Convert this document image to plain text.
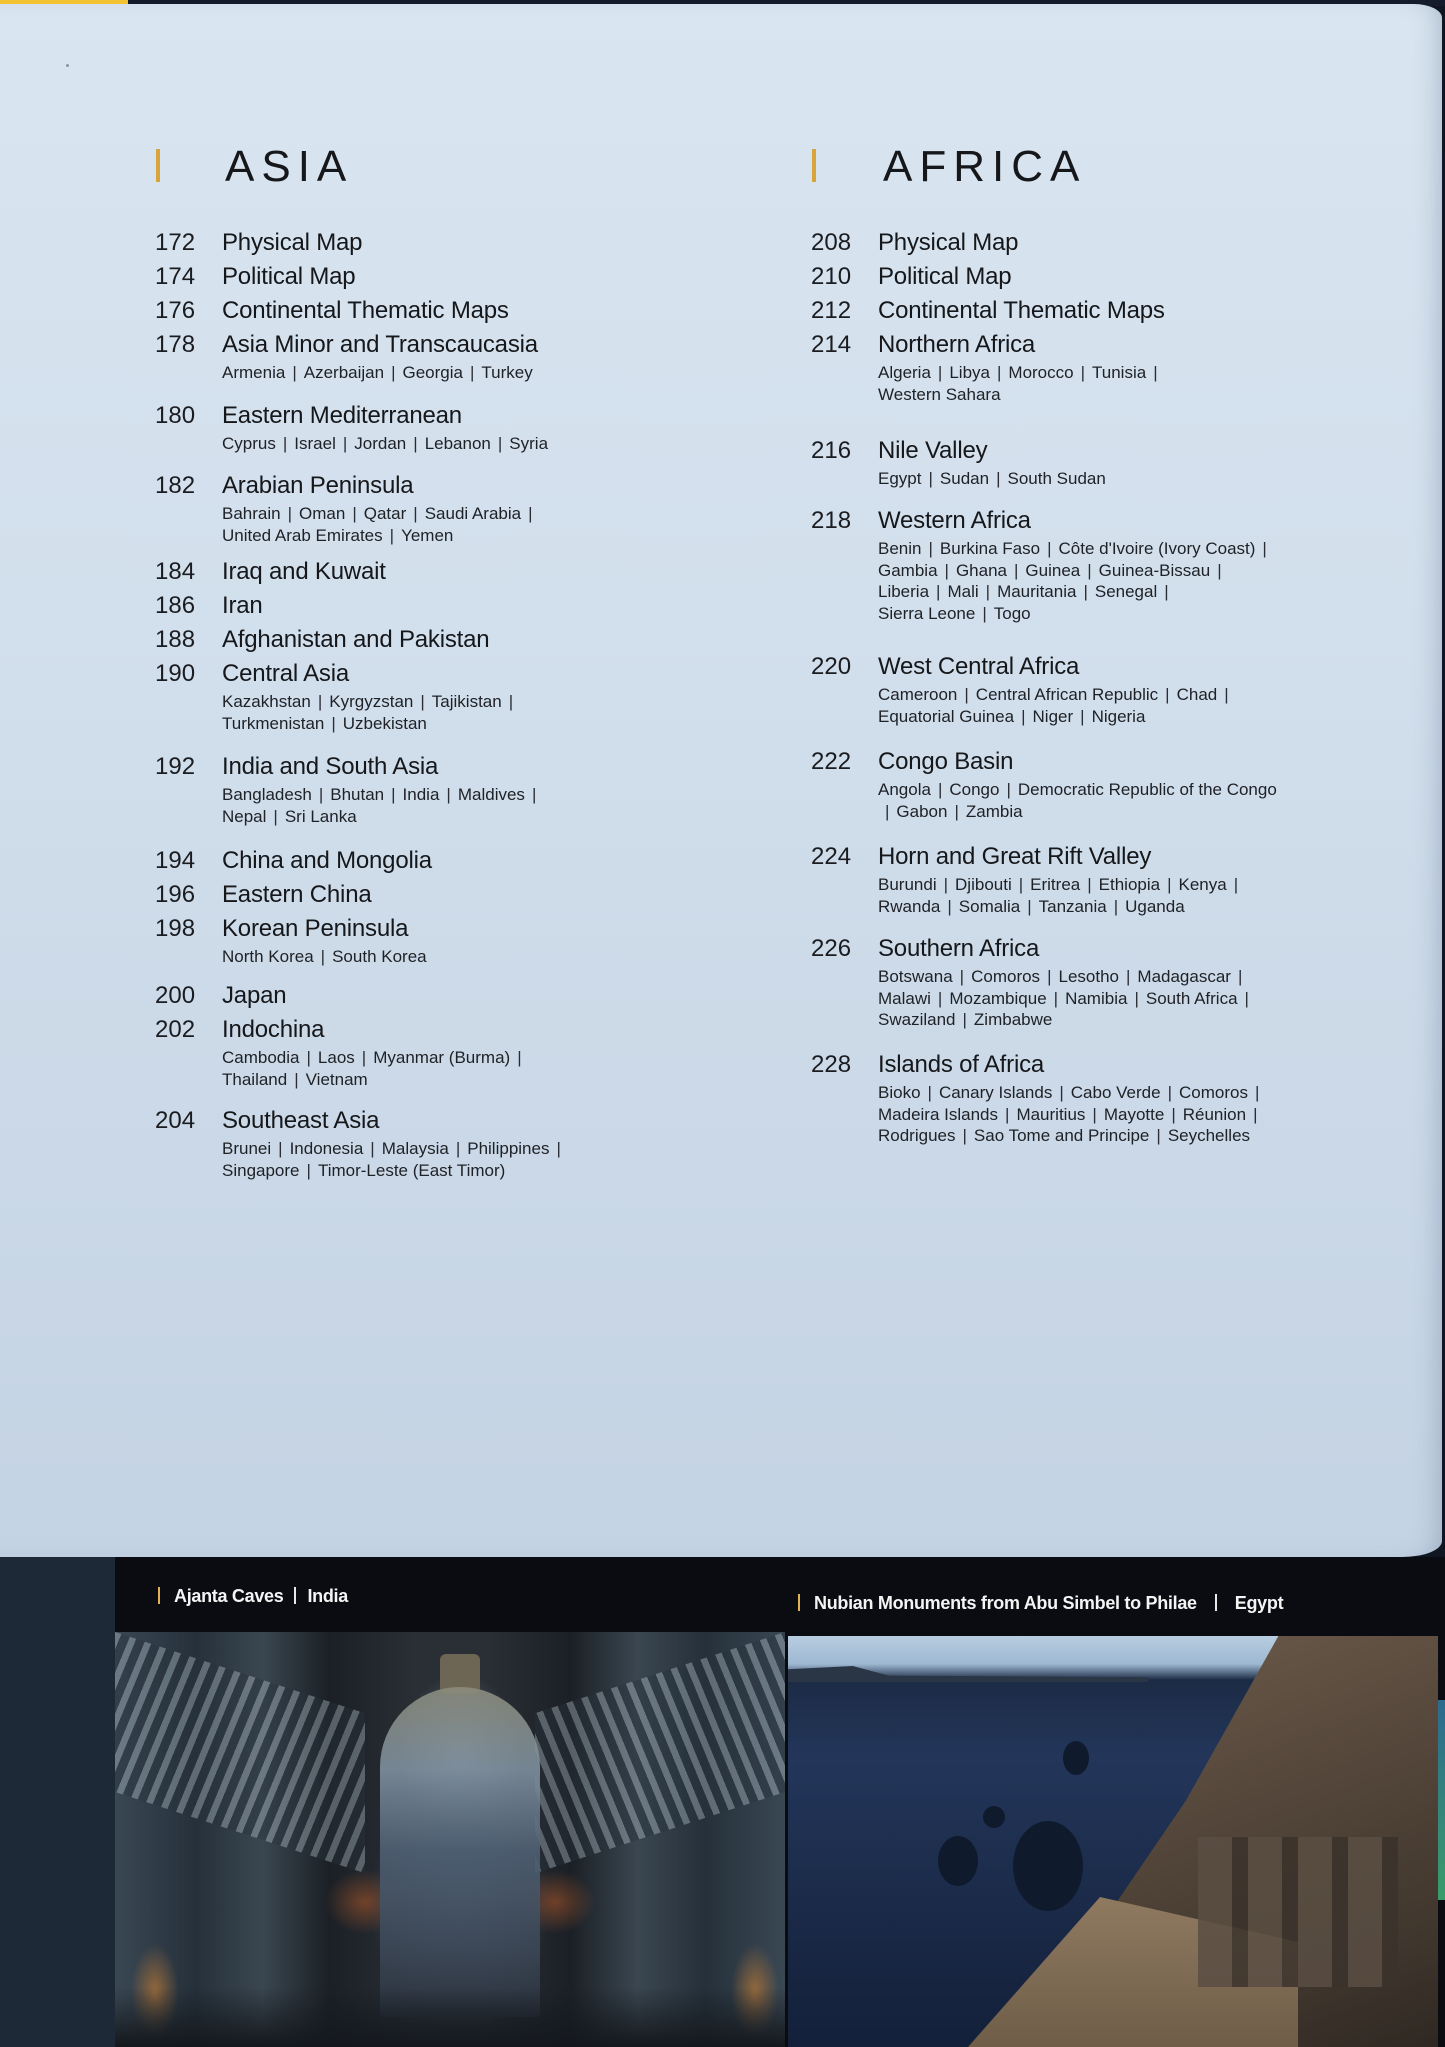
ASIA
172 Physical Map
174 Political Map
176 Continental Thematic Maps
178 Asia Minor and Transcaucasia
Armenia | Azerbaijan | Georgia | Turkey
180 Eastern Mediterranean
Cyprus | Israel | Jordan | Lebanon | Syria
182 Arabian Peninsula
Bahrain | Oman | Qatar | Saudi Arabia |
United Arab Emirates | Yemen
184 Iraq and Kuwait
186 Iran
188 Afghanistan and Pakistan
190 Central Asia
Kazakhstan | Kyrgyzstan | Tajikistan |
Turkmenistan | Uzbekistan
192 India and South Asia
Bangladesh | Bhutan | India | Maldives |
Nepal | Sri Lanka
194 China and Mongolia
196 Eastern China
198 Korean Peninsula
North Korea | South Korea
200 Japan
202 Indochina
Cambodia | Laos | Myanmar (Burma) |
Thailand | Vietnam
204 Southeast Asia
Brunei | Indonesia | Malaysia | Philippines |
Singapore | Timor-Leste (East Timor)
AFRICA
208 Physical Map
210 Political Map
212 Continental Thematic Maps
214 Northern Africa
Algeria | Libya | Morocco | Tunisia |
Western Sahara
216 Nile Valley
Egypt | Sudan | South Sudan
218 Western Africa
Benin | Burkina Faso | Côte d'Ivoire (Ivory Coast) |
Gambia | Ghana | Guinea | Guinea-Bissau |
Liberia | Mali | Mauritania | Senegal |
Sierra Leone | Togo
220 West Central Africa
Cameroon | Central African Republic | Chad |
Equatorial Guinea | Niger | Nigeria
222 Congo Basin
Angola | Congo | Democratic Republic of the Congo
| Gabon | Zambia
224 Horn and Great Rift Valley
Burundi | Djibouti | Eritrea | Ethiopia | Kenya |
Rwanda | Somalia | Tanzania | Uganda
226 Southern Africa
Botswana | Comoros | Lesotho | Madagascar |
Malawi | Mozambique | Namibia | South Africa |
Swaziland | Zimbabwe
228 Islands of Africa
Bioko | Canary Islands | Cabo Verde | Comoros |
Madeira Islands | Mauritius | Mayotte | Réunion |
Rodrigues | Sao Tome and Principe | Seychelles
Ajanta Caves India	Nubian Monuments from Abu Simbel to Philae Egypt
